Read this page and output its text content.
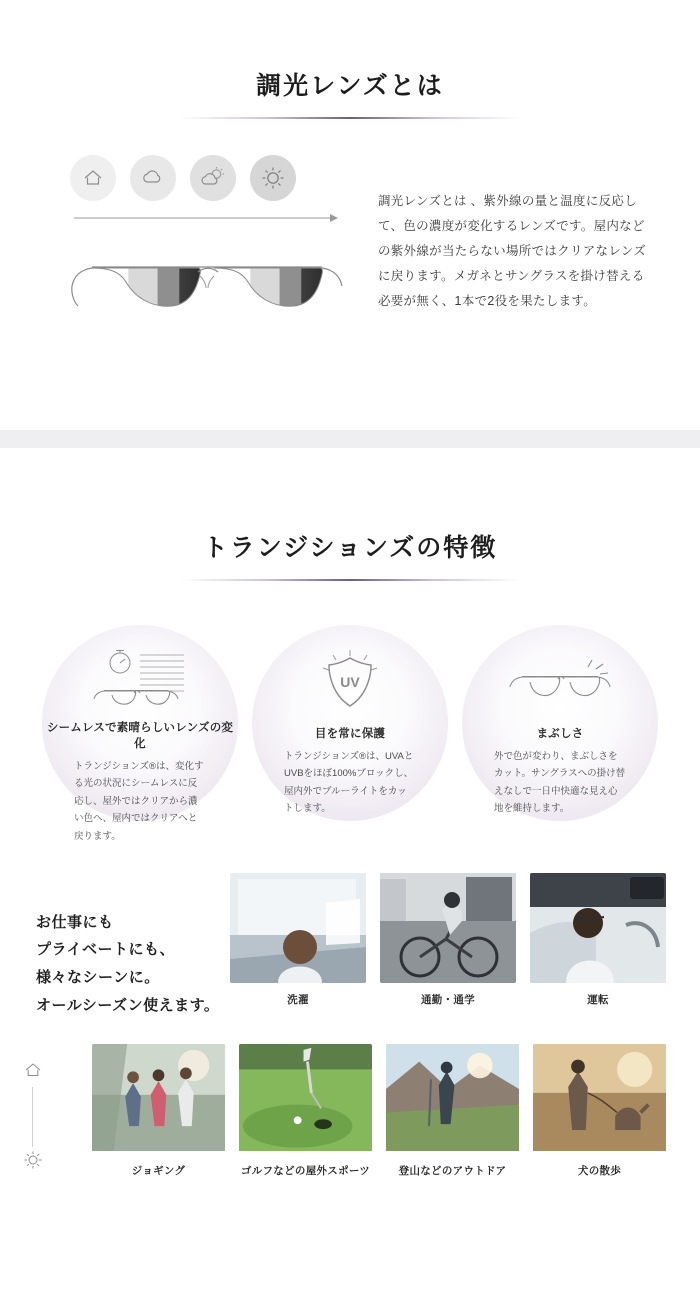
調光レンズとは

調光レンズとは 、紫外線の量と温度に反応して、色の濃度が変化するレンズです。屋内などの紫外線が当たらない場所ではクリアなレンズに戻ります。メガネとサングラスを掛け替える必要が無く、1本で2役を果たします。

トランジションズの特徴
シームレスで素晴らしいレンズの変化
トランジションズ®は、変化する光の状況にシームレスに反応し、屋外ではクリアから濃い色へ、屋内ではクリアへと戻ります。
UV
目を常に保護
トランジションズ®は、UVAとUVBをほぼ100%ブロックし、屋内外でブルーライトをカットします。
まぶしさ
外で色が変わり、まぶしさをカット。サングラスへの掛け替えなしで一日中快適な見え心地を維持します。
お仕事にも
プライベートにも、
様々なシーンに。
オールシーズン使えます。	洗濯	通勤・通学	運転
ジョギング	ゴルフなどの屋外スポーツ	登山などのアウトドア	犬の散歩
